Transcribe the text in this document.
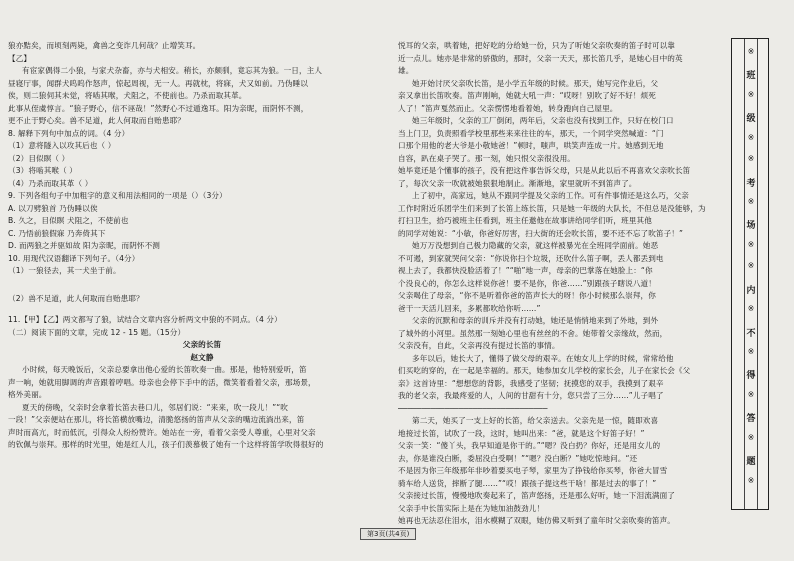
狼亦黠矣，而顷刻两毙，禽兽之变诈几何哉？止增笑耳。

【乙】

有宦家偶得二小狼，与家犬杂畜，亦与犬相安。稍长，亦颇驯，竟忘其为狼。一日，主人

昼寝厅事，闻群犬呜呜作怒声，惊起周视，无一人。再就枕，将寐，犬又如前。乃伪睡以

俟，则二狼伺其未觉，将啮其喉，犬阻之，不使前也。乃杀而取其革。

此事从侄虞惇言。“狼子野心，信不诬哉！”然野心不过遁逸耳。阳为亲昵，而阴怀不测，

更不止于野心矣。兽不足道，此人何取而自贻患耶？

8. 解释下列句中加点的词。（4 分）

（1）意将隧入以攻其后也（ ）

（2）目似瞑（ ）

（3）将啮其喉（ ）

（4）乃杀而取其革（ ）

9. 下列各组句子中加粗字的意义和用法相同的一项是（）（3分）

A. 以刀劈狼首 乃伪睡以俟

B. 久之，目似瞑 犬阻之，不使前也

C. 乃悟前狼假寐 乃奔倚其下

D. 而两狼之并驱如故 阳为亲昵，而阴怀不测

10. 用现代汉语翻译下列句子。（4分）

（1）一狼径去，其一犬坐于前。

（2）兽不足道，此人何取而自贻患耶？

11.【甲】【乙】两文都写了狼，试结合文章内容分析两文中狼的不同点。（4 分）

（二）阅读下面的文章，完成 12 - 15 题。（15分）

父亲的长笛

赵文静

小时候，每天晚饭后，父亲总要拿出他心爱的长笛吹奏一曲。那是，他特别爱听，笛

声一响，她就用脚调的声音跟着哼唱。母亲也会停下手中的活，微笑着看着父亲，那场景，

格外美丽。

夏天的傍晚，父亲时会拿着长笛去巷口儿，邻居们说：“来来，吹一段儿！”“吹

一段！”父亲便站在那儿，将长笛横放嘴边，清脆悠扬的笛声从父亲的嘴边流淌出来，笛

声时而高亢，时而低沉，引得众人纷纷赞许。她站在一旁，看着父亲受人尊重，心里对父亲

的钦佩与崇拜。那样的时光里，她是红人儿，孩子们羡慕极了她有一个这样将笛学吹得很好的

悦耳的父亲，哄着她，把好吃的分给她一份，只为了听她父亲吹奏的笛子时可以靠

近一点儿。她亦是非常的骄傲的，那时，父亲一天天，那长笛几乎，是她心目中的英

雄。

她开始讨厌父亲吹长笛，是小学五年级的时候。那天，她写完作业后，父

亲又拿出长笛吹奏。笛声刚响，她就大吼一声：“哎呀！别吹了好不好！烦死

人了！”笛声戛然而止。父亲愣愣地看着她，转身跑向自己屋里。

她三年级时，父亲的工厂倒闭，两年后，父亲也没有找到工作，只好在校门口

当上门卫，负责照看学校里那些来来往往的车，那天，一个同学突然喊道：“门

口那个用他的老大爷是小敬她爸！”顿时，嗤声，哄笑声连成一片。她感到无地

自容，趴在桌子哭了。那一刻，她只恨父亲很没用。

她毕竟还是个懂事的孩子，没有把这件事告诉父母，只是从此以后不再喜欢父亲吹长笛

了，每次父亲一吹就被她狠狠地制止。渐渐地，家里就听不到笛声了。

上了初中，高家远，她从不跟同学提及父亲的工作。可有件事情还是这么巧，父亲

工作时附近乐团学生们来到了长笛上练长笛，只是她一年级的大队长，不但总是没能够，为

打扫卫生，拾巧被班主任看到，班主任邀他在故事讲给同学们听，班里其他

的同学对她说：“小敏，你爸好厉害，扫大街的还会吹长笛，要不还不忘了吹笛子！”

她万万没想到自己极力隐藏的父亲，就这样被暴光在全班同学面前。她恶

不可遏，到家就哭问父亲：“你说你扫个垃圾，还吹什么笛子啊，丢人都丢到电

视上去了，我都快没脸活着了！”“啪”地一声，母亲的巴掌落在她脸上：“你

个没良心的，你怎么这样说你爸！要不是你，你爸……”别跟孩子瞎说八道！

父亲喝住了母亲，“你不是听着你爸的笛声长大的呀！你小时候那么崇拜，你

爸干一天活儿回来，多累都吹给你听……”

父亲的沉默和母亲的训斥并没有打动她，她还是悄悄地来到了外地，到外

了城外的小河里。虽然那一刻她心里也有丝丝的不舍。她带着父亲缘故，然而，

父亲没有，自此，父亲再没有提过长笛的事情。

多年以后，她长大了，懂得了做父母的艰辛。在她女儿上学的时候，常常给他

们买吃的穿的，在一起是幸福的。那天，她参加女儿学校的家长会，儿子在家长会《父

亲》这首诗里：“想想您的背影，我感受了坚韧；抚摸您的双手，我摸到了艰辛

我的老父亲，我最疼爱的人，人间的甘甜有十分，您只尝了三分……”儿子唱了

────────────────────────────────

第二天，她买了一支上好的长笛，给父亲送去。父亲先是一惊，随即欢喜

地接过长笛，试吹了一段，这时，她叫出来：“爸，就是这个好笛子好！”

父亲一笑：“傻丫头，我早知道是你干的。”“嗯？没白扔？你好，还是用女儿的

去，你是谁没白断，委屈没白受啊！”“嗯？没白断？”她吃惊地问。“还

不是因为你三年级那年非吵着要买电子琴，家里为了挣钱给你买琴，你爸大冒雪

骑车给人送货，摔断了腿……”“哎！跟孩子提这些干啥！都是过去的事了！”

父亲接过长笛，慢慢地吹奏起来了，笛声悠扬，还是那么好听，她一下泪流满面了

父亲手中长笛实际上是在为她加油鼓劲儿！

她再也无法忍住泪水，泪水模糊了双眼，她仿佛又听到了童年时父亲吹奏的笛声。

※
班
※
级
※
※
考
※
场
※
※
内
※
不
※
得
※
答
※
题
※
第3页(共4页)
